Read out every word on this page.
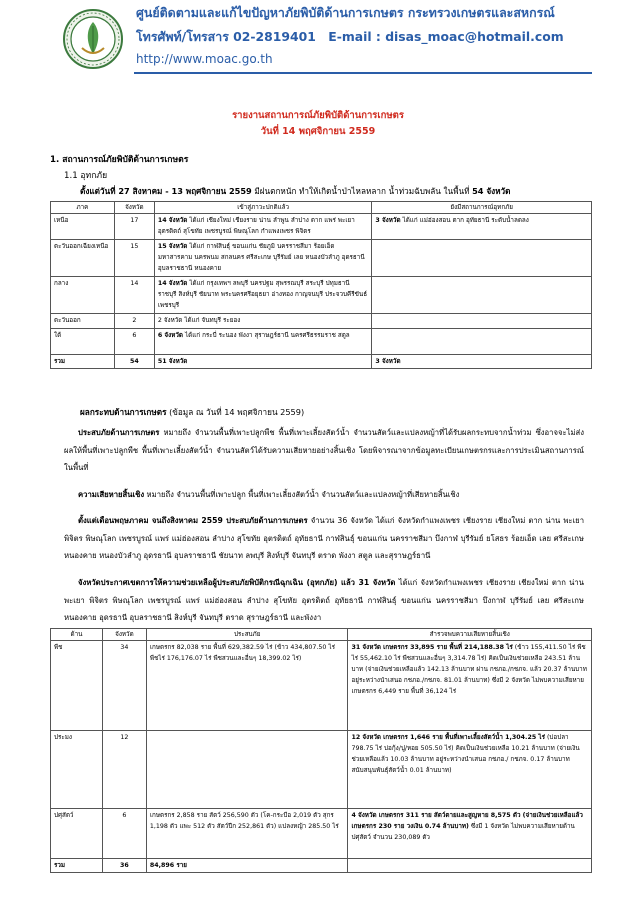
ศูนย์ติดตามและแก้ไขปัญหาภัยพิบัติด้านการเกษตร กระทรวงเกษตรและสหกรณ์
โทรศัพท์/โทรสาร 02-2819401 E-mail : disas_moac@hotmail.com
http://www.moac.go.th
รายงานสถานการณ์ภัยพิบัติด้านการเกษตร
วันที่ 14 พฤศจิกายน 2559
1. สถานการณ์ภัยพิบัติด้านการเกษตร
1.1 อุทกภัย
ตั้งแต่วันที่ 27 สิงหาคม - 13 พฤศจิกายน 2559 มีฝนตกหนัก ทำให้เกิดน้ำป่าไหลหลาก น้ำท่วมฉับพลัน ในพื้นที่ 54 จังหวัด
ภาค	จังหวัด	เข้าสู่ภาวะปกติแล้ว	ยังมีสถานการณ์อุทกภัย
เหนือ	17	14 จังหวัด ได้แก่ เชียงใหม่ เชียงราย น่าน ลำพูน ลำปาง ตาก แพร่ พะเยา อุตรดิตถ์ สุโขทัย เพชรบูรณ์ พิษณุโลก กำแพงเพชร พิจิตร	3 จังหวัด ได้แก่ แม่ฮ่องสอน ตาก อุทัยธานี ระดับน้ำลดลง
ตะวันออกเฉียงเหนือ	15	15 จังหวัด ได้แก่ กาฬสินธุ์ ขอนแก่น ชัยภูมิ นครราชสีมา ร้อยเอ็ด มหาสารคาม นครพนม สกลนคร ศรีสะเกษ บุรีรัมย์ เลย หนองบัวลำภู อุดรธานี อุบลราชธานี หนองคาย	
กลาง	14	14 จังหวัด ได้แก่ กรุงเทพฯ ลพบุรี นครปฐม สุพรรณบุรี สระบุรี ปทุมธานี ราชบุรี สิงห์บุรี ชัยนาท พระนครศรีอยุธยา อ่างทอง กาญจนบุรี ประจวบคีรีขันธ์ เพชรบุรี	
ตะวันออก	2	2 จังหวัด ได้แก่ จันทบุรี ระยอง	
ใต้	6	6 จังหวัด ได้แก่ กระบี่ ระนอง พังงา สุราษฎร์ธานี นครศรีธรรมราช สตูล	
รวม	54	51 จังหวัด	3 จังหวัด
ผลกระทบด้านการเกษตร (ข้อมูล ณ วันที่ 14 พฤศจิกายน 2559)
ประสบภัยด้านการเกษตร หมายถึง จำนวนพื้นที่เพาะปลูกพืช พื้นที่เพาะเลี้ยงสัตว์น้ำ จำนวนสัตว์และแปลงหญ้าที่ได้รับผลกระทบจากน้ำท่วม ซึ่งอาจจะไม่ส่งผลให้พื้นที่เพาะปลูกพืช พื้นที่เพาะเลี้ยงสัตว์น้ำ จำนวนสัตว์ได้รับความเสียหายอย่างสิ้นเชิง โดยพิจารณาจากข้อมูลทะเบียนเกษตรกรและการประเมินสถานการณ์ในพื้นที่
ความเสียหายสิ้นเชิง หมายถึง จำนวนพื้นที่เพาะปลูก พื้นที่เพาะเลี้ยงสัตว์น้ำ จำนวนสัตว์และแปลงหญ้าที่เสียหายสิ้นเชิง
ตั้งแต่เดือนพฤษภาคม จนถึงสิงหาคม 2559 ประสบภัยด้านการเกษตร จำนวน 36 จังหวัด ได้แก่ จังหวัดกำแพงเพชร เชียงราย เชียงใหม่ ตาก น่าน พะเยา พิจิตร พิษณุโลก เพชรบูรณ์ แพร่ แม่ฮ่องสอน ลำปาง สุโขทัย อุตรดิตถ์ อุทัยธานี กาฬสินธุ์ ขอนแก่น นครราชสีมา บึงกาฬ บุรีรัมย์ ยโสธร ร้อยเอ็ด เลย ศรีสะเกษ หนองคาย หนองบัวลำภู อุดรธานี อุบลราชธานี ชัยนาท ลพบุรี สิงห์บุรี จันทบุรี ตราด พังงา สตูล และสุราษฎร์ธานี
จังหวัดประกาศเขตการให้ความช่วยเหลือผู้ประสบภัยพิบัติกรณีฉุกเฉิน (อุทกภัย) แล้ว 31 จังหวัด ได้แก่ จังหวัดกำแพงเพชร เชียงราย เชียงใหม่ ตาก น่าน พะเยา พิจิตร พิษณุโลก เพชรบูรณ์ แพร่ แม่ฮ่องสอน ลำปาง สุโขทัย อุตรดิตถ์ อุทัยธานี กาฬสินธุ์ ขอนแก่น นครราชสีมา บึงกาฬ บุรีรัมย์ เลย ศรีสะเกษ หนองคาย อุดรธานี อุบลราชธานี สิงห์บุรี จันทบุรี ตราด สุราษฎร์ธานี และพังงา
ด้าน	จังหวัด	ประสบภัย	สำรวจพบความเสียหายสิ้นเชิง
พืช	34	เกษตรกร 82,038 ราย พื้นที่ 629,382.59 ไร่ (ข้าว 434,807.50 ไร่ พืชไร่ 176,176.07 ไร่ พืชสวนและอื่นๆ 18,399.02 ไร่)	31 จังหวัด เกษตรกร 33,895 ราย พื้นที่ 214,188.38 ไร่ (ข้าว 155,411.50 ไร่ พืชไร่ 55,462.10 ไร่ พืชสวนและอื่นๆ 3,314.78 ไร่) คิดเป็นเงินช่วยเหลือ 243.51 ล้านบาท (จ่ายเงินช่วยเหลือแล้ว 142.13 ล้านบาท ผ่าน กชภอ./กชภจ. แล้ว 20.37 ล้านบาท อยู่ระหว่างนำเสนอ กชภอ./กชภจ. 81.01 ล้านบาท) ซึ่งมี 2 จังหวัด ไม่พบความเสียหาย เกษตรกร 6,449 ราย พื้นที่ 36,124 ไร่
ประมง	12		12 จังหวัด เกษตรกร 1,646 ราย พื้นที่เพาะเลี้ยงสัตว์น้ำ 1,304.25 ไร่ (บ่อปลา 798.75 ไร่ บ่อกุ้ง/ปู/หอย 505.50 ไร่) คิดเป็นเงินช่วยเหลือ 10.21 ล้านบาท (จ่ายเงินช่วยเหลือแล้ว 10.03 ล้านบาท อยู่ระหว่างนำเสนอ กชภอ./ กชภจ. 0.17 ล้านบาท สนับสนุนพันธุ์สัตว์น้ำ 0.01 ล้านบาท)
ปศุสัตว์	6	เกษตรกร 2,858 ราย สัตว์ 256,590 ตัว (โค-กระบือ 2,019 ตัว สุกร 1,198 ตัว แพะ 512 ตัว สัตว์ปีก 252,861 ตัว) แปลงหญ้า 285.50 ไร่	4 จังหวัด เกษตรกร 311 ราย สัตว์ตายและสูญหาย 8,575 ตัว (จ่ายเงินช่วยเหลือแล้ว เกษตรกร 230 ราย วงเงิน 0.74 ล้านบาท) ซึ่งมี 1 จังหวัด ไม่พบความเสียหายด้านปศุสัตว์ จำนวน 230,089 ตัว
รวม	36	84,896 ราย	
